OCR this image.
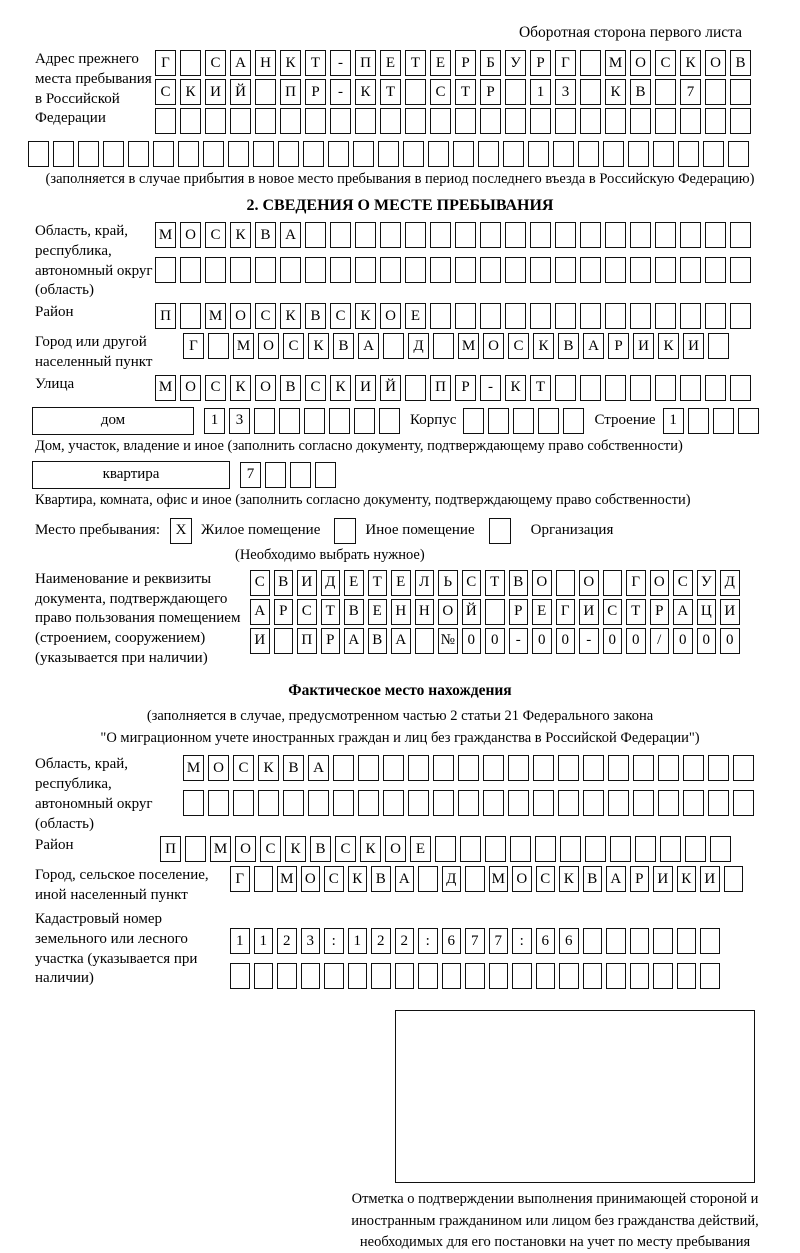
Оборотная сторона первого листа
Адрес прежнего места пребывания в Российской Федерации
Г	С А Н К	Т	-	П Е	Т	Е	Р	Б	У	Р	Г	М О С К О В
С К И Й	П	Р	-	К	Т	С	Т	Р	1	3	К В	7
(заполняется в случае прибытия в новое место пребывания в период последнего въезда в Российскую Федерацию)
2. СВЕДЕНИЯ О МЕСТЕ ПРЕБЫВАНИЯ
Область, край, республика, автономный округ (область)
М О С К В А
Район	П	М О С К В С К О Е
Город или другой населенный пункт
Г	М О С К В А	Д	М О С К В А	Р	И К И
Улица	М О С К О В С К И Й	П	Р	-	К	Т
дом	1	3	Корпус	Строение 1
Дом, участок, владение и иное (заполнить согласно документу, подтверждающему право собственности)
квартира	7
Квартира, комната, офис и иное (заполнить согласно документу, подтверждающему право собственности)
Место пребывания:	X Жилое помещение	Иное помещение	Организация
(Необходимо выбрать нужное)
Наименование и реквизиты документа, подтверждающего право пользования помещением (строением, сооружением) (указывается при наличии)
С В И Д Е Т Е Л Ь С Т В О О	Г О С У Д
А Р С Т В Е Н Н О Й	Р Е Г И С Т Р А Ц И
И П Р А В А № 0	0	-	0	0	-	0	0	/	0	0	0
Фактическое место нахождения
(заполняется в случае, предусмотренном частью 2 статьи 21 Федерального закона
"О миграционном учете иностранных граждан и лиц без гражданства в Российской Федерации")
Область, край, республика, автономный округ (область)
М О С К В А
Район	П	М О С К В С К О Е
Город, сельское поселение, иной населенный пункт
Г	М О С К В А	Д	М О С К В А Р И К И
Кадастровый номер земельного или лесного участка (указывается при наличии)
1	1	2	3	:	1	2	2	:	6	7	7	:	6	6
Отметка о подтверждении выполнения принимающей стороной и иностранным гражданином или лицом без гражданства действий, необходимых для его постановки на учет по месту пребывания
